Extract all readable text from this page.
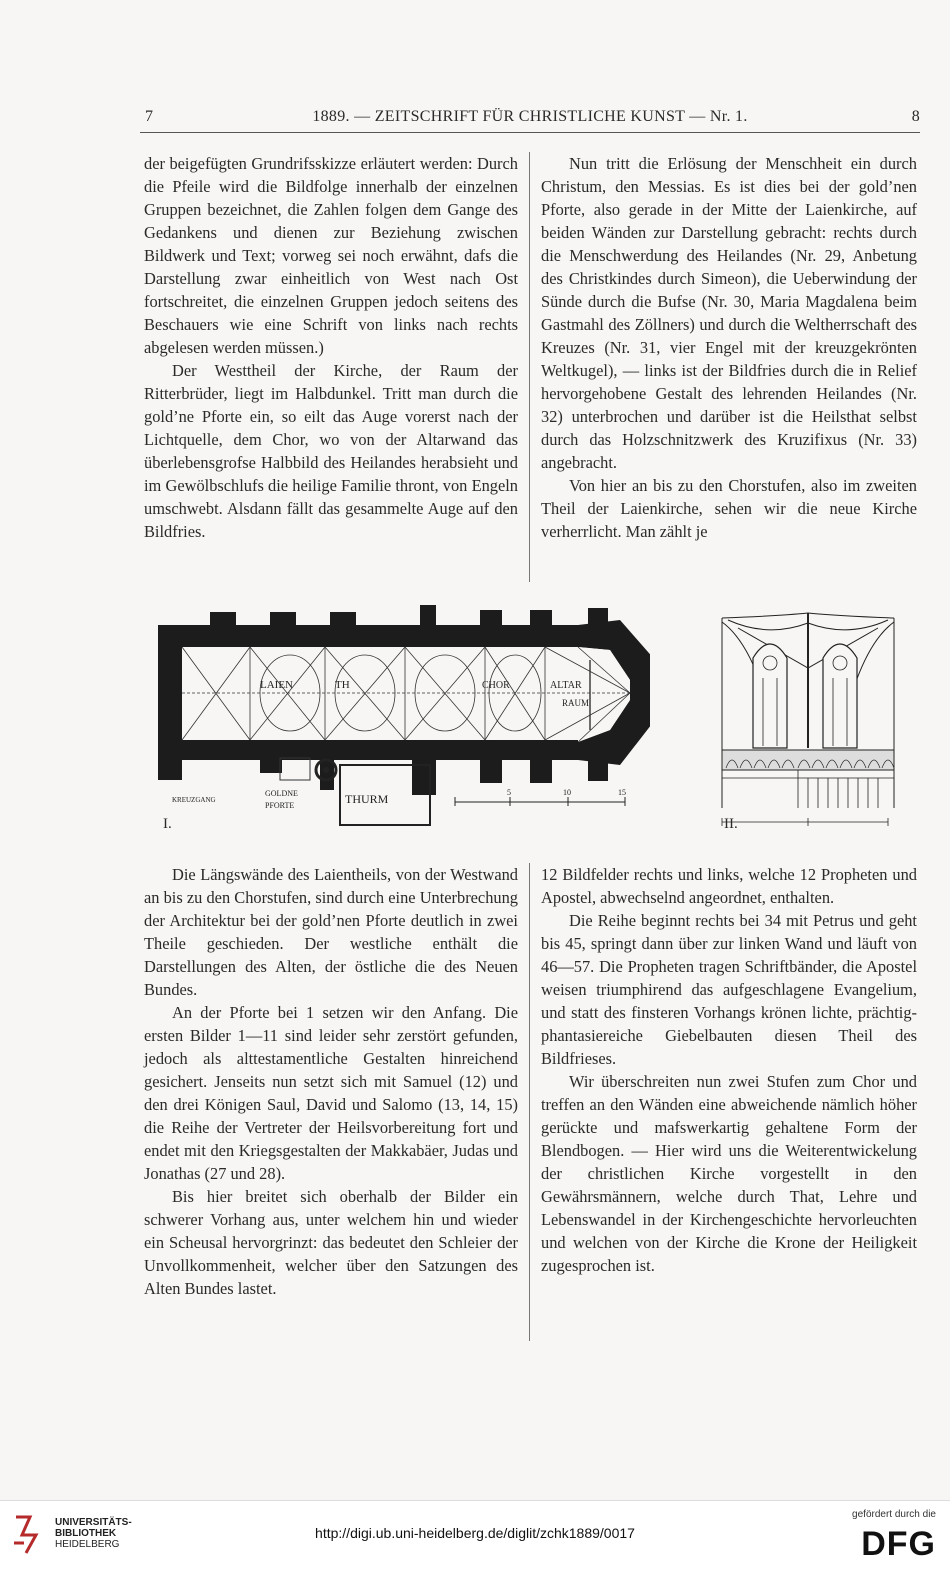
7	1889. — ZEITSCHRIFT FÜR CHRISTLICHE KUNST — Nr. 1.	8

der beigefügten Grundrifsskizze erläutert werden: Durch die Pfeile wird die Bildfolge innerhalb der einzelnen Gruppen bezeichnet, die Zahlen folgen dem Gange des Gedankens und dienen zur Beziehung zwischen Bildwerk und Text; vorweg sei noch erwähnt, dafs die Darstellung zwar einheitlich von West nach Ost fortschreitet, die einzelnen Gruppen jedoch seitens des Beschauers wie eine Schrift von links nach rechts abgelesen werden müssen.)

Der Westtheil der Kirche, der Raum der Ritterbrüder, liegt im Halbdunkel. Tritt man durch die gold’ne Pforte ein, so eilt das Auge vorerst nach der Lichtquelle, dem Chor, wo von der Altarwand das überlebensgrofse Halbbild des Heilandes herabsieht und im Gewölbschlufs die heilige Familie thront, von Engeln umschwebt. Alsdann fällt das gesammelte Auge auf den Bildfries.

Nun tritt die Erlösung der Menschheit ein durch Christum, den Messias. Es ist dies bei der gold’nen Pforte, also gerade in der Mitte der Laienkirche, auf beiden Wänden zur Darstellung gebracht: rechts durch die Menschwerdung des Heilandes (Nr. 29, Anbetung des Christkindes durch Simeon), die Ueberwindung der Sünde durch die Bufse (Nr. 30, Maria Magdalena beim Gastmahl des Zöllners) und durch die Weltherrschaft des Kreuzes (Nr. 31, vier Engel mit der kreuzgekrönten Weltkugel), — links ist der Bildfries durch die in Relief hervorgehobene Gestalt des lehrenden Heilandes (Nr. 32) unterbrochen und darüber ist die Heilsthat selbst durch das Holzschnitzwerk des Kruzifixus (Nr. 33) angebracht.

Von hier an bis zu den Chorstufen, also im zweiten Theil der Laienkirche, sehen wir die neue Kirche verherrlicht. Man zählt je

LAIEN	TH	CHOR	ALTAR
RAUM
KREUZGANG
GOLDNE
PFORTE	THURM	5	10	15
I.	II.

Die Längswände des Laientheils, von der Westwand an bis zu den Chorstufen, sind durch eine Unterbrechung der Architektur bei der gold’nen Pforte deutlich in zwei Theile geschieden. Der westliche enthält die Darstellungen des Alten, der östliche die des Neuen Bundes.

An der Pforte bei 1 setzen wir den Anfang. Die ersten Bilder 1—11 sind leider sehr zerstört gefunden, jedoch als alttestamentliche Gestalten hinreichend gesichert. Jenseits nun setzt sich mit Samuel (12) und den drei Königen Saul, David und Salomo (13, 14, 15) die Reihe der Vertreter der Heilsvorbereitung fort und endet mit den Kriegsgestalten der Makkabäer, Judas und Jonathas (27 und 28).

Bis hier breitet sich oberhalb der Bilder ein schwerer Vorhang aus, unter welchem hin und wieder ein Scheusal hervorgrinzt: das bedeutet den Schleier der Unvollkommenheit, welcher über den Satzungen des Alten Bundes lastet.

12 Bildfelder rechts und links, welche 12 Propheten und Apostel, abwechselnd angeordnet, enthalten.

Die Reihe beginnt rechts bei 34 mit Petrus und geht bis 45, springt dann über zur linken Wand und läuft von 46—57. Die Propheten tragen Schriftbänder, die Apostel weisen triumphirend das aufgeschlagene Evangelium, und statt des finsteren Vorhangs krönen lichte, prächtig-phantasiereiche Giebelbauten diesen Theil des Bildfrieses.

Wir überschreiten nun zwei Stufen zum Chor und treffen an den Wänden eine abweichende nämlich höher gerückte und mafswerkartig gehaltene Form der Blendbogen. — Hier wird uns die Weiterentwickelung der christlichen Kirche vorgestellt in den Gewährsmännern, welche durch That, Lehre und Lebenswandel in der Kirchengeschichte hervorleuchten und welchen von der Kirche die Krone der Heiligkeit zugesprochen ist.

UNIVERSITÄTS-
BIBLIOTHEK
HEIDELBERG
http://digi.ub.uni-heidelberg.de/diglit/zchk1889/0017
gefördert durch die
DFG
